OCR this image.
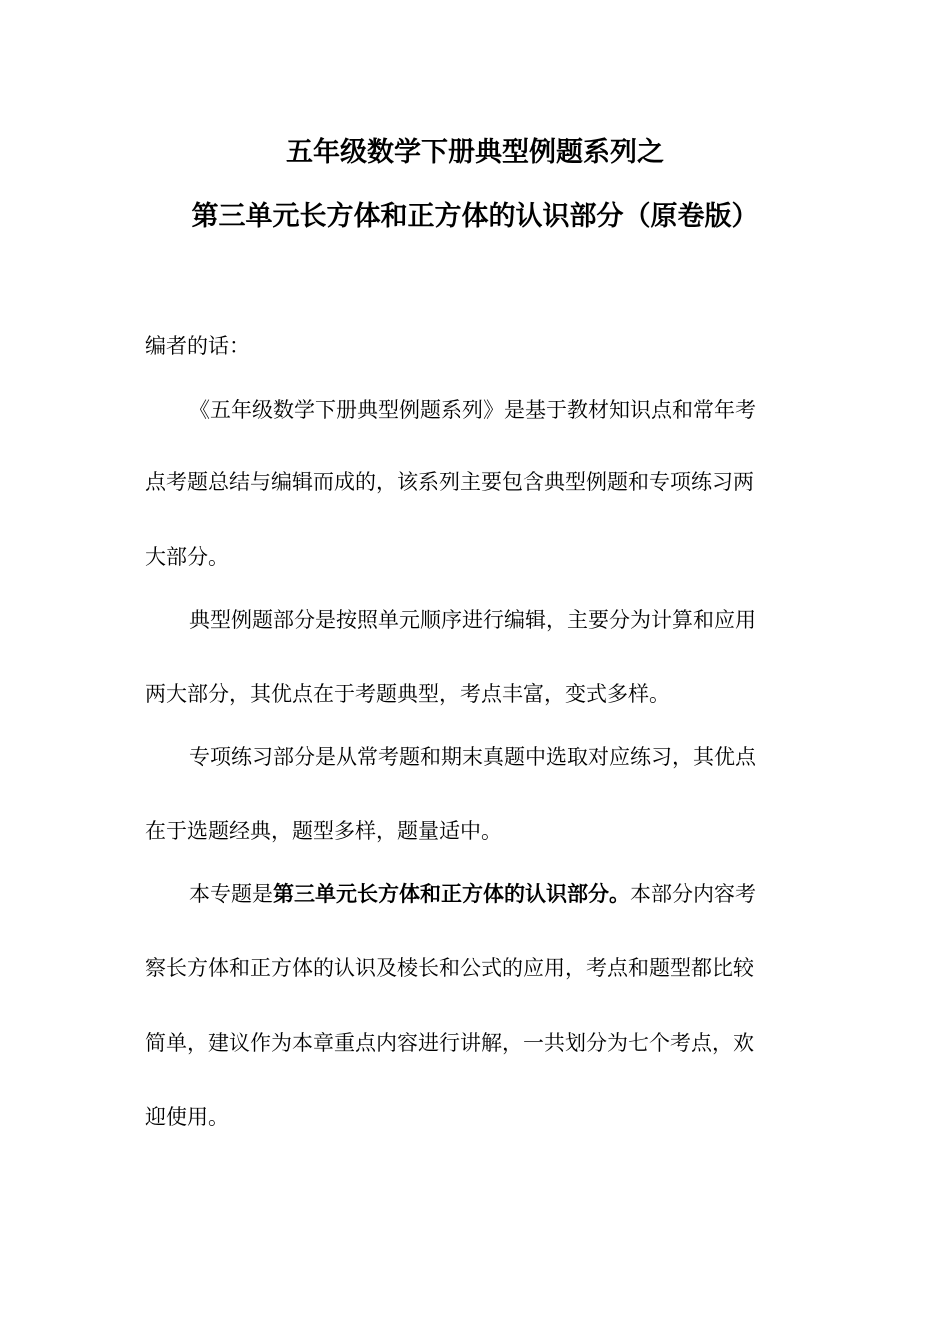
五年级数学下册典型例题系列之
第三单元长方体和正方体的认识部分（原卷版）
编者的话：
《五年级数学下册典型例题系列》是基于教材知识点和常年考
点考题总结与编辑而成的，该系列主要包含典型例题和专项练习两
大部分。
典型例题部分是按照单元顺序进行编辑，主要分为计算和应用
两大部分，其优点在于考题典型，考点丰富，变式多样。
专项练习部分是从常考题和期末真题中选取对应练习，其优点
在于选题经典，题型多样，题量适中。
本专题是第三单元长方体和正方体的认识部分。本部分内容考
察长方体和正方体的认识及棱长和公式的应用，考点和题型都比较
简单，建议作为本章重点内容进行讲解，一共划分为七个考点，欢
迎使用。
